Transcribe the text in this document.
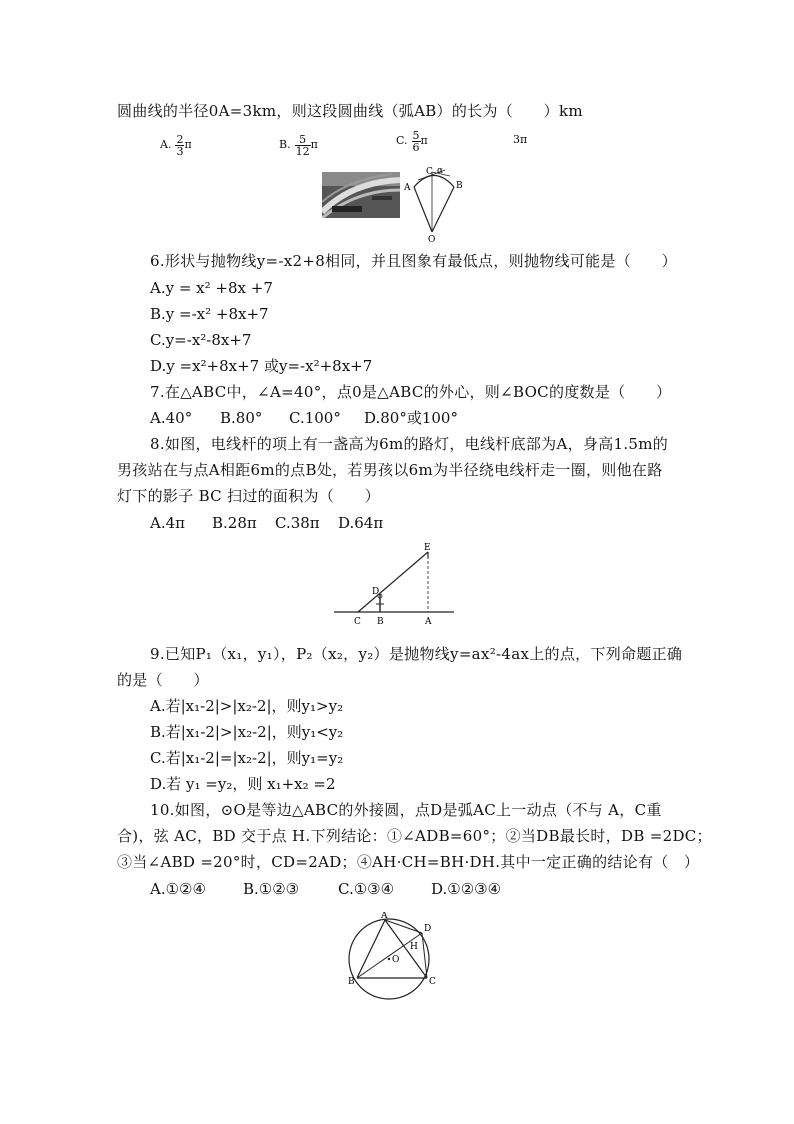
圆曲线的半径0A=3km，则这段圆曲线（弧AB）的长为（　　）km
A. $\frac{2}{3}$ π	B. $\frac{5}{12}$ π	C. $\frac{5}{6}$ π	3π
C α
A	B
O
6.形状与抛物线y=-x2+8相同，并且图象有最低点，则抛物线可能是（　　）
A.y = x² +8x +7
B.y =-x² +8x+7
C.y=-x²-8x+7
D.y =x²+8x+7 或y=-x²+8x+7
7.在△ABC中，∠A=40°，点0是△ABC的外心，则∠BOC的度数是（　　）
A.40° B.80° C.100° D.80°或100°
8.如图，电线杆的项上有一盏高为6m的路灯，电线杆底部为A，身高1.5m的
男孩站在与点A相距6m的点B处，若男孩以6m为半径绕电线杆走一圈，则他在路
灯下的影子 BC 扫过的面积为（　　）
A.4π B.28π C.38π D.64π
E
D
C B	A
9.已知P₁（x₁，y₁），P₂（x₂，y₂）是抛物线y=ax²-4ax上的点，下列命题正确
的是（　　）
A.若|x₁-2|>|x₂-2|，则y₁>y₂
B.若|x₁-2|>|x₂-2|，则y₁<y₂
C.若|x₁-2|=|x₂-2|，则y₁=y₂
D.若 y₁ =y₂，则 x₁+x₂ =2
10.如图，⊙O是等边△ABC的外接圆，点D是弧AC上一动点（不与 A，C重
合)，弦 AC，BD 交于点 H.下列结论：①∠ADB=60°；②当DB最长时，DB =2DC；
③当∠ABD =20°时，CD=2AD；④AH·CH=BH·DH.其中一定正确的结论有（　）
A.①②④ B.①②③	C.①③④ D.①②③④
A
D
H
O
B	C
